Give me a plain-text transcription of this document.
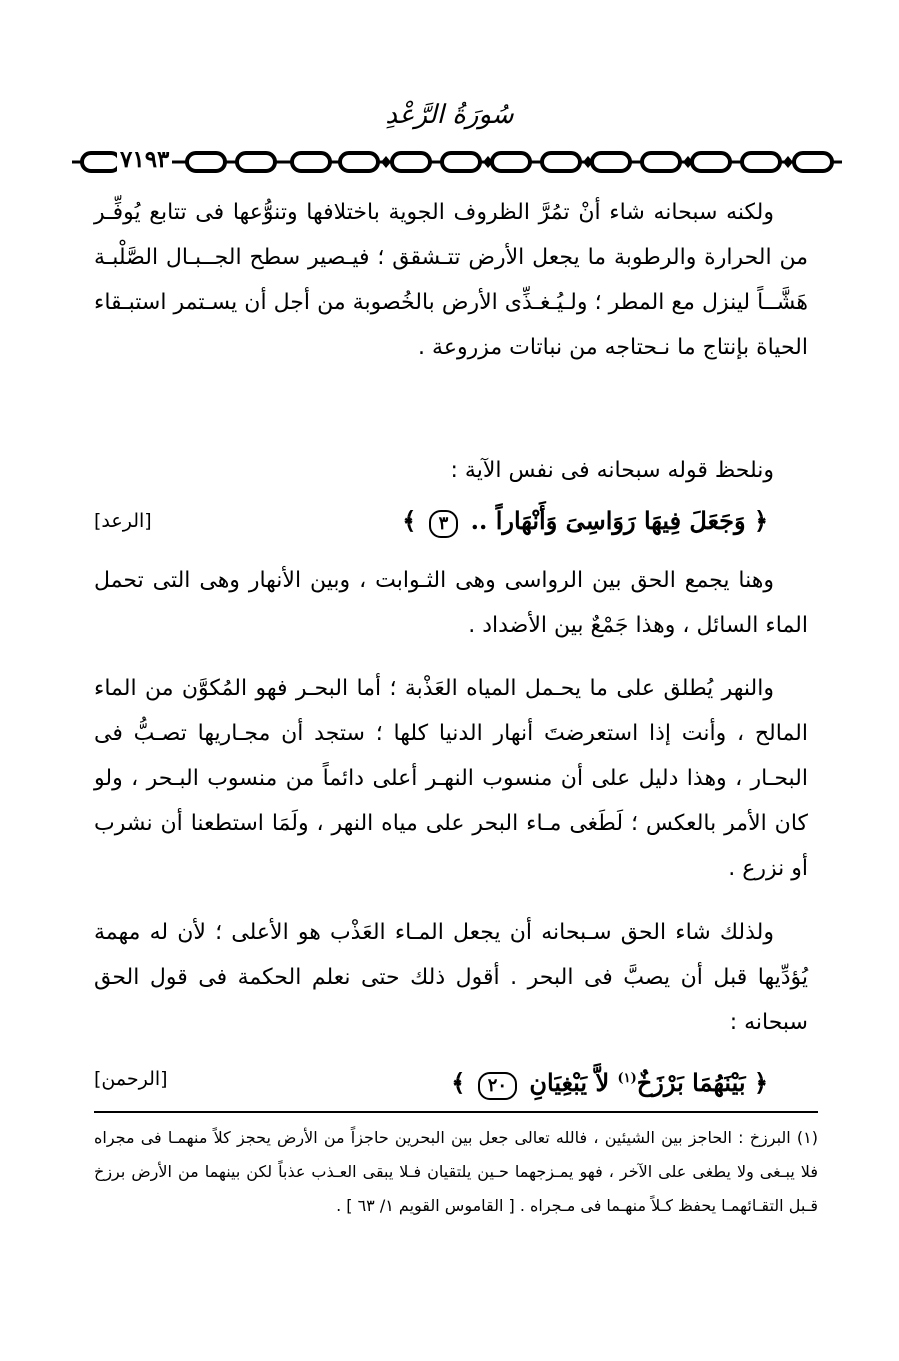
سُورَةُ الرَّعْدِ
٧١٩٣
ولكنه سبحانه شاء أنْ تمُرَّ الظروف الجوية باختلافها وتنوُّعها فى تتابع يُوفِّـر من الحرارة والرطوبة ما يجعل الأرض تتـشقق ؛ فيـصير سطح الجــبـال الصَّلْبـة هَشَّــاً لينزل مع المطر ؛ ولـيُـغـذِّى الأرض بالخُصوبة من أجل أن يسـتمر استبـقاء الحياة بإنتاج ما نـحتاجه من نباتات مزروعة .
ونلحظ قوله سبحانه فى نفس الآية :
﴿ وَجَعَلَ فِيهَا رَوَاسِىَ وَأَنْهَاراً .. ٣ ﴾
[الرعد]
وهنا يجمع الحق بين الرواسى وهى الثـوابت ، وبين الأنهار وهى التى تحمل الماء السائل ، وهذا جَمْعٌ بين الأضداد .
والنهر يُطلق على ما يحـمل المياه العَذْبة ؛ أما البحـر فهو المُكوَّن من الماء المالح ، وأنت إذا استعرضتَ أنهار الدنيا كلها ؛ ستجد أن مجـاريها تصـبُّ فى البحـار ، وهذا دليل على أن منسوب النهـر أعلى دائماً من منسوب البـحر ، ولو كان الأمر بالعكس ؛ لَطَغى مـاء البحر على مياه النهر ، ولَمَا استطعنا أن نشرب أو نزرع .
ولذلك شاء الحق سـبحانه أن يجعل المـاء العَذْب هو الأعلى ؛ لأن له مهمة يُؤدِّيها قبل أن يصبَّ فى البحر . أقول ذلك حتى نعلم الحكمة فى قول الحق سبحانه :
﴿ بَيْنَهُمَا بَرْزَخٌ$^{(١)}$ لاَّ يَبْغِيَانِ ٢٠ ﴾
[الرحمن]
(١) البرزخ : الحاجز بين الشيئين ، فالله تعالى جعل بين البحرين حاجزاً من الأرض يحجز كلاً منهمـا فى مجراه فلا يبـغى ولا يطغى على الآخر ، فهو يمـزجهما حـين يلتقيان فـلا يبقى العـذب عذباً لكن بينهما من الأرض برزخ قـبل التقـائهمـا يحفظ كـلاً منهـما فى مـجراه . [ القاموس القويم ١/ ٦٣ ] .
